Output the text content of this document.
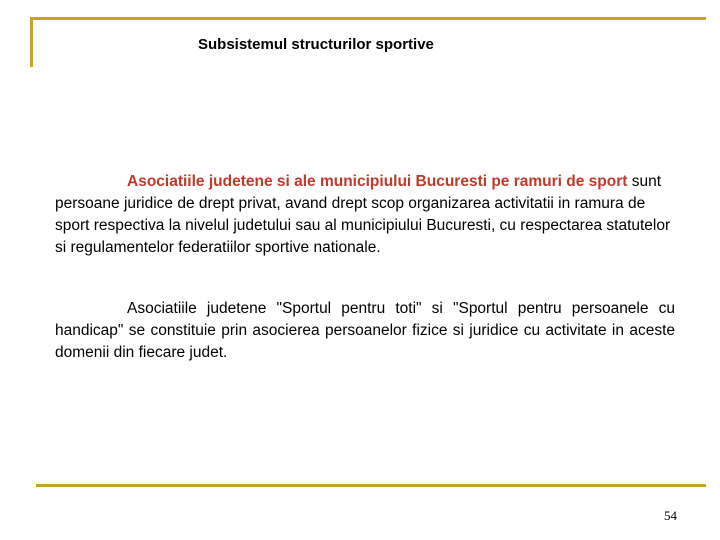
Subsistemul structurilor sportive

Asociatiile judetene si ale municipiului Bucuresti pe ramuri de sport sunt persoane juridice de drept privat, avand drept scop organizarea activitatii in ramura de sport respectiva la nivelul judetului sau al municipiului Bucuresti, cu respectarea statutelor si regulamentelor federatiilor sportive nationale.

Asociatiile judetene "Sportul pentru toti" si "Sportul pentru persoanele cu handicap" se constituie prin asocierea persoanelor fizice si juridice cu activitate in aceste domenii din fiecare judet.

54
